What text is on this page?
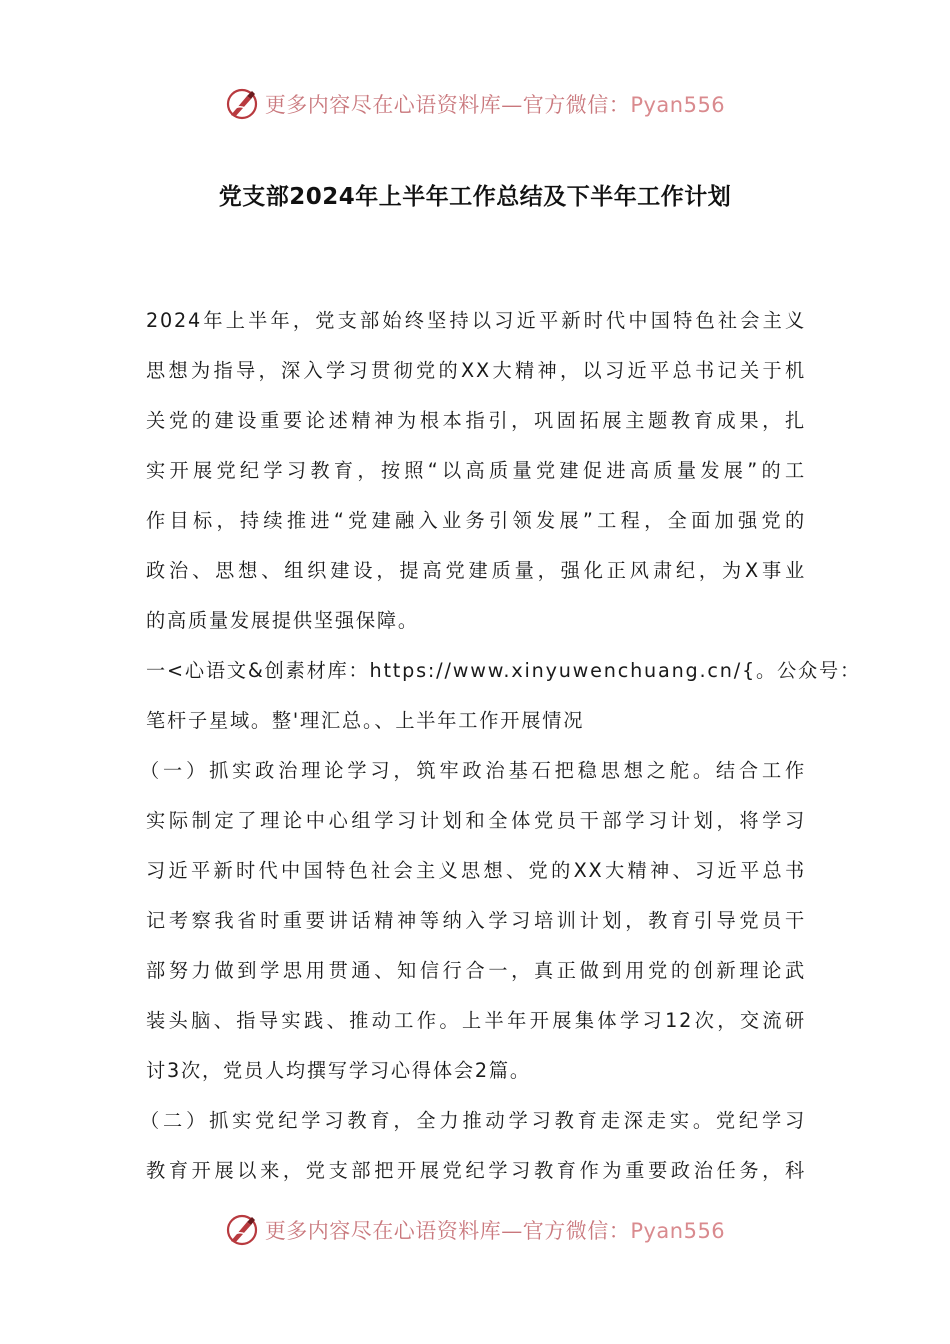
更多内容尽在心语资料库—官方微信：Pyan556
党支部2024年上半年工作总结及下半年工作计划
2024年上半年，党支部始终坚持以习近平新时代中国特色社会主义
思想为指导，深入学习贯彻党的XX大精神，以习近平总书记关于机
关党的建设重要论述精神为根本指引，巩固拓展主题教育成果，扎
实开展党纪学习教育，按照“以高质量党建促进高质量发展”的工
作目标，持续推进“党建融入业务引领发展”工程，全面加强党的
政治、思想、组织建设，提高党建质量，强化正风肃纪，为X事业
的高质量发展提供坚强保障。
一<心语文&创素材库：https://www.xinyuwenchuang.cn/{。公众号：
笔杆子星域。整'理汇总。、上半年工作开展情况
（一）抓实政治理论学习，筑牢政治基石把稳思想之舵。结合工作
实际制定了理论中心组学习计划和全体党员干部学习计划，将学习
习近平新时代中国特色社会主义思想、党的XX大精神、习近平总书
记考察我省时重要讲话精神等纳入学习培训计划，教育引导党员干
部努力做到学思用贯通、知信行合一，真正做到用党的创新理论武
装头脑、指导实践、推动工作。上半年开展集体学习12次，交流研
讨3次，党员人均撰写学习心得体会2篇。
（二）抓实党纪学习教育，全力推动学习教育走深走实。党纪学习
教育开展以来，党支部把开展党纪学习教育作为重要政治任务，科
更多内容尽在心语资料库—官方微信：Pyan556
